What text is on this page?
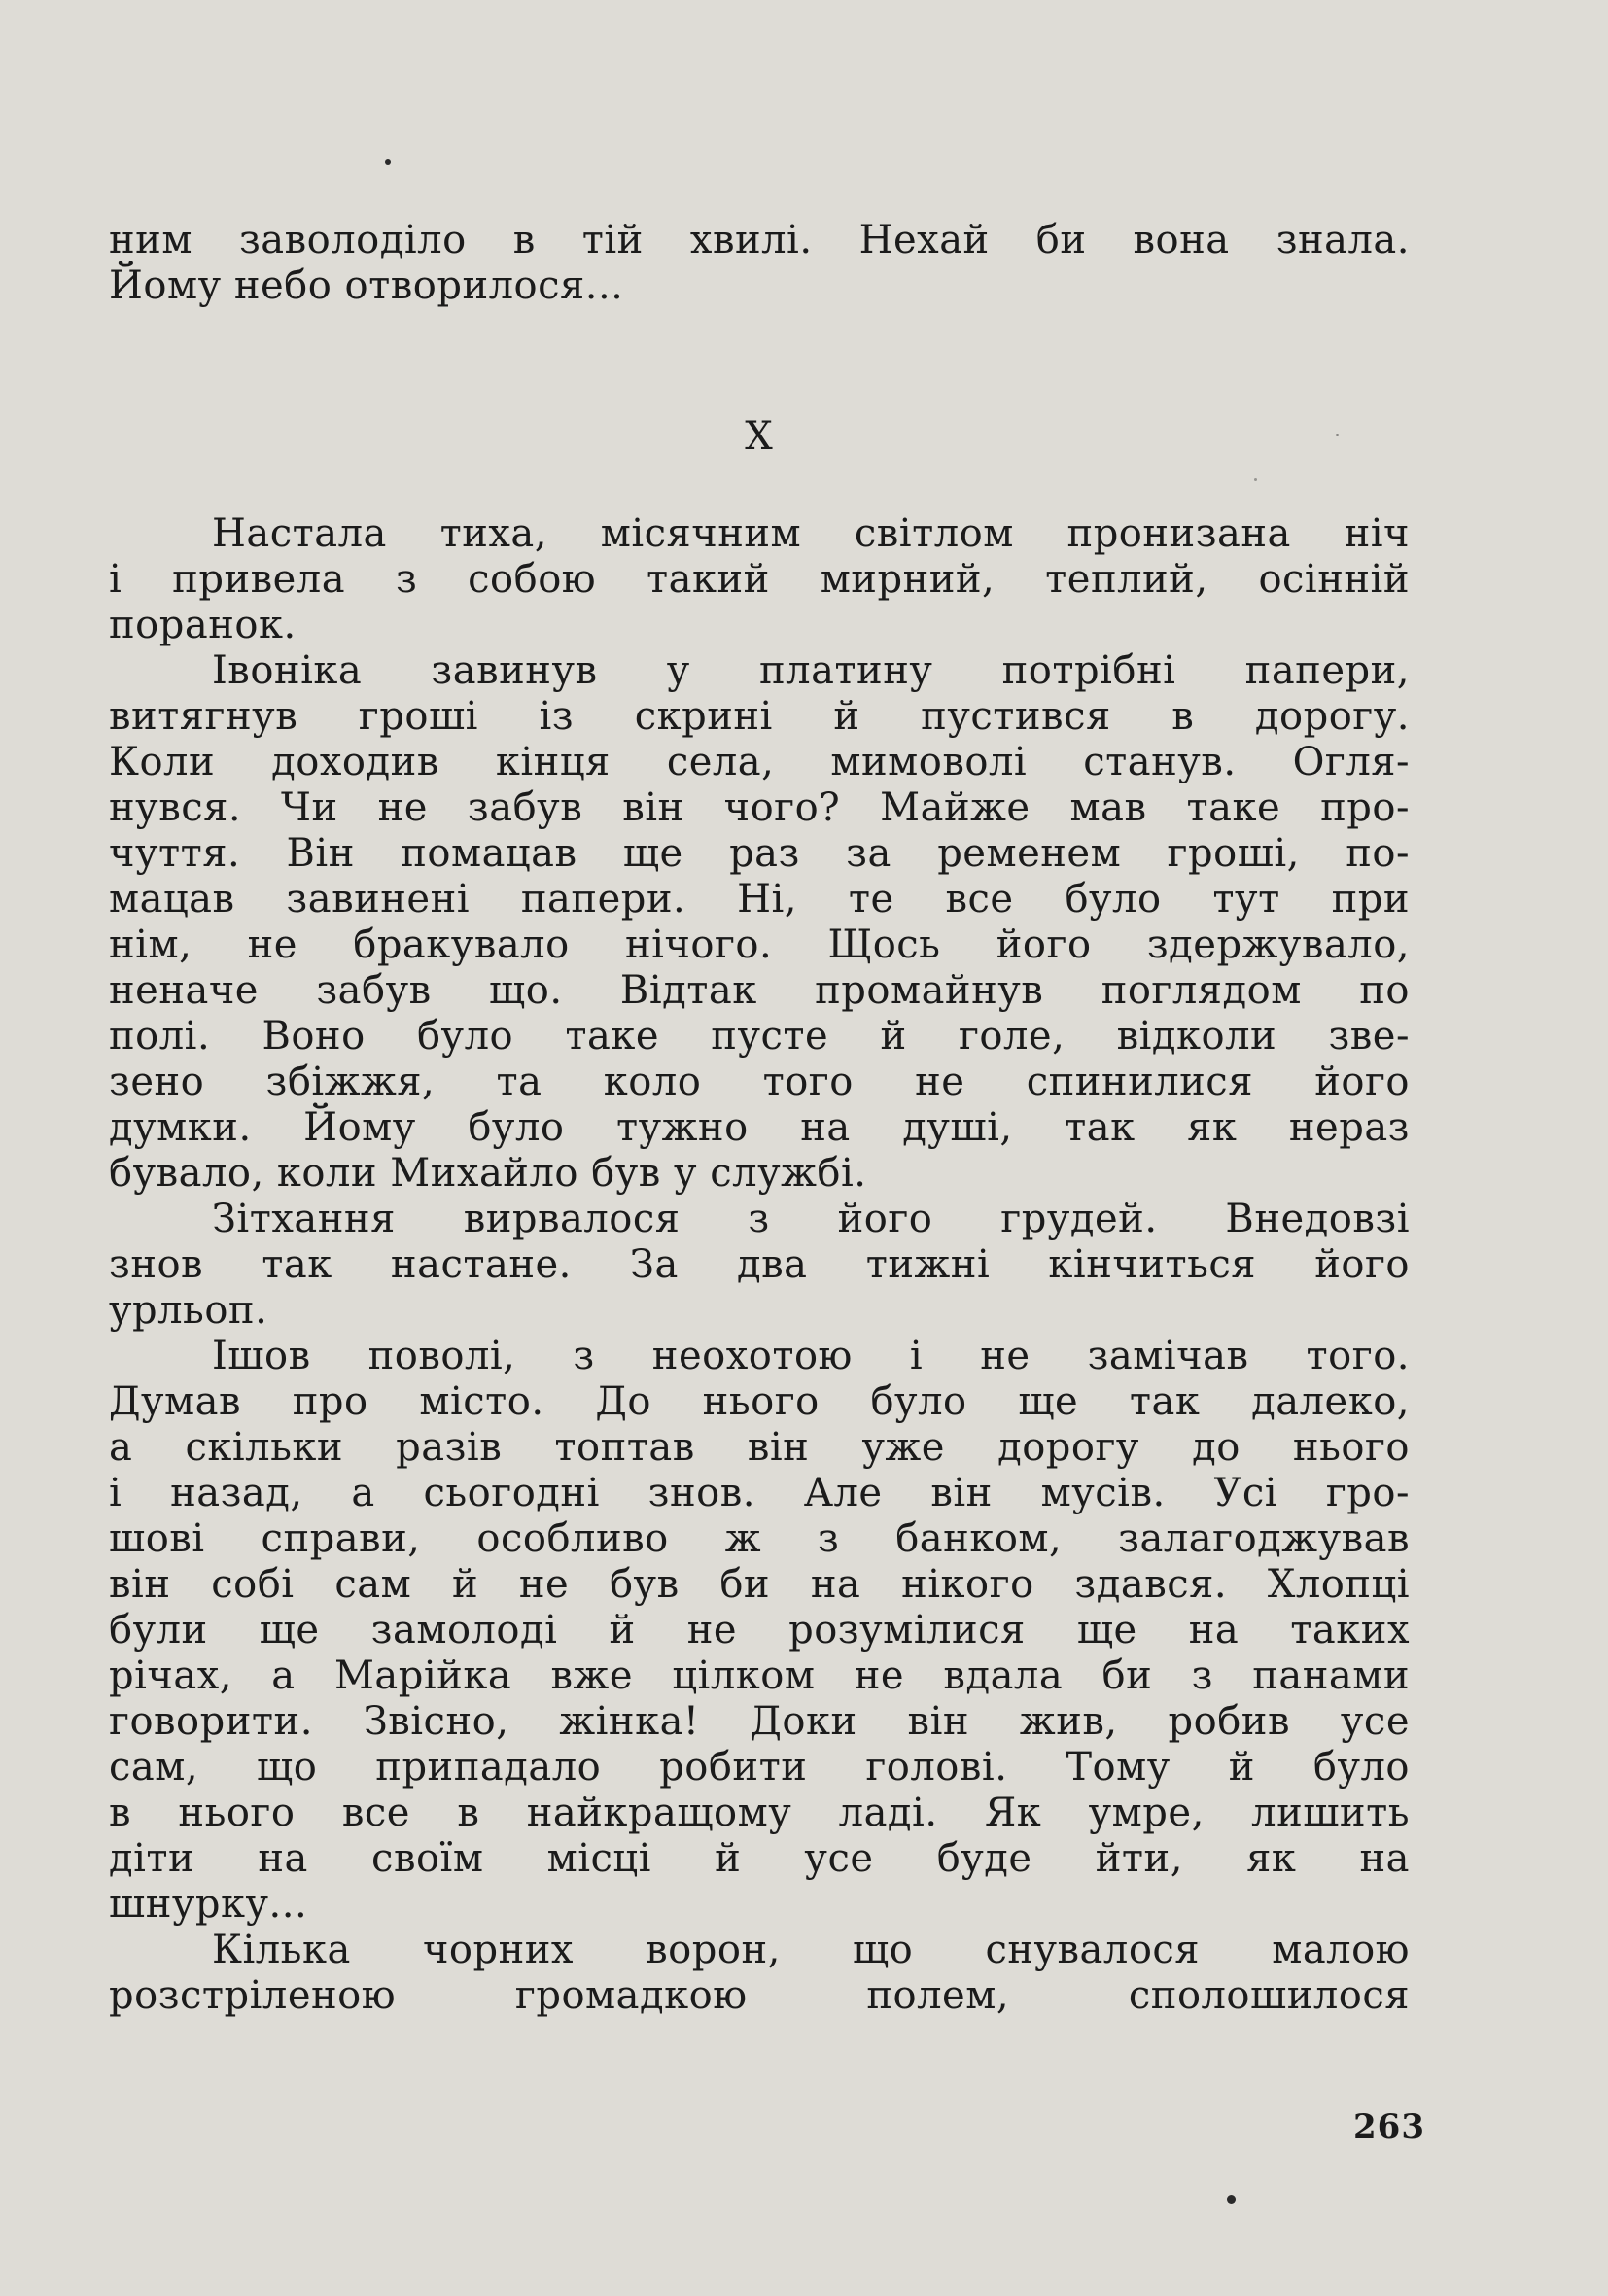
ним заволоділо в тій хвилі. Нехай би вона знала.
Йому небо отворилося...
X
Настала тиха, місячним світлом пронизана ніч
і привела з собою такий мирний, теплий, осінній
поранок.
Івоніка завинув у платину потрібні папери,
витягнув гроші із скрині й пустився в дорогу.
Коли доходив кінця села, мимоволі станув. Огля-
нувся. Чи не забув він чого? Майже мав таке про-
чуття. Він помацав ще раз за ременем гроші, по-
мацав завинені папери. Ні, те все було тут при
нім, не бракувало нічого. Щось його здержувало,
неначе забув що. Відтак промайнув поглядом по
полі. Воно було таке пусте й голе, відколи зве-
зено збіжжя, та коло того не спинилися його
думки. Йому було тужно на душі, так як нераз
бувало, коли Михайло був у службі.
Зітхання вирвалося з його грудей. Внедовзі
знов так настане. За два тижні кінчиться його
урльоп.
Ішов поволі, з неохотою і не замічав того.
Думав про місто. До нього було ще так далеко,
а скільки разів топтав він уже дорогу до нього
і назад, а сьогодні знов. Але він мусів. Усі гро-
шові справи, особливо ж з банком, залагоджував
він собі сам й не був би на нікого здався. Хлопці
були ще замолоді й не розумілися ще на таких
річах, а Марійка вже цілком не вдала би з панами
говорити. Звісно, жінка! Доки він жив, робив усе
сам, що припадало робити голові. Тому й було
в нього все в найкращому ладі. Як умре, лишить
діти на своїм місці й усе буде йти, як на
шнурку...
Кілька чорних ворон, що снувалося малою
розстріленою громадкою полем, сполошилося
263
